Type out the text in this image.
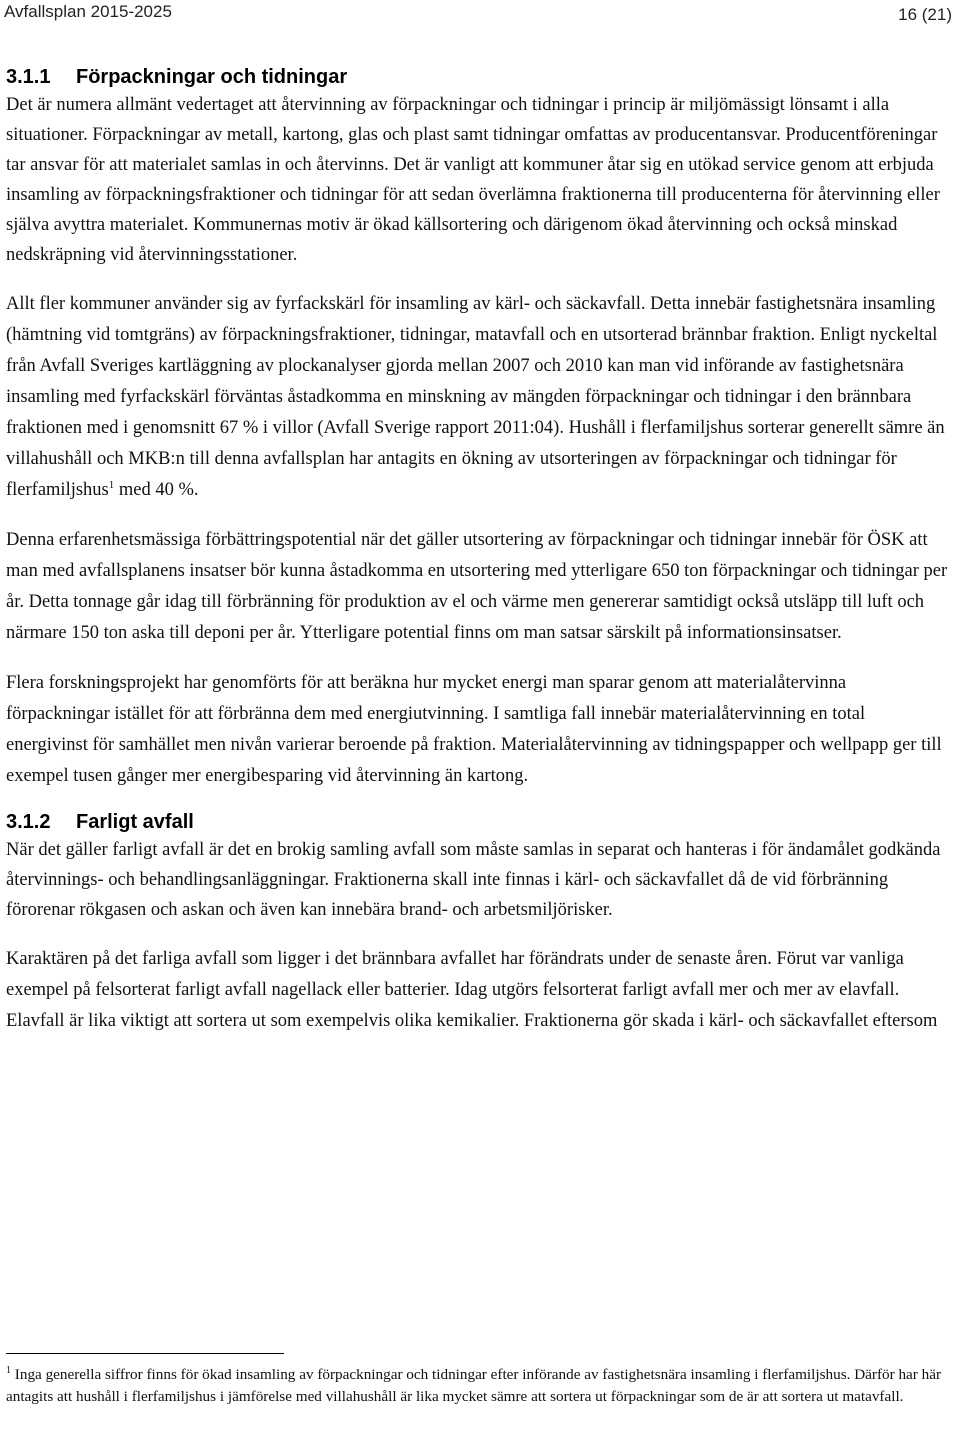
Avfallsplan 2015-2025	16 (21)
3.1.1 Förpackningar och tidningar

Det är numera allmänt vedertaget att återvinning av förpackningar och tidningar i princip är miljömässigt lönsamt i alla situationer. Förpackningar av metall, kartong, glas och plast samt tidningar omfattas av producentansvar. Producentföreningar tar ansvar för att materialet samlas in och återvinns. Det är vanligt att kommuner åtar sig en utökad service genom att erbjuda insamling av förpackningsfraktioner och tidningar för att sedan överlämna fraktionerna till producenterna för återvinning eller själva avyttra materialet. Kommunernas motiv är ökad källsortering och därigenom ökad återvinning och också minskad nedskräpning vid återvinningsstationer.

Allt fler kommuner använder sig av fyrfackskärl för insamling av kärl- och säckavfall. Detta innebär fastighetsnära insamling (hämtning vid tomtgräns) av förpackningsfraktioner, tidningar, matavfall och en utsorterad brännbar fraktion. Enligt nyckeltal från Avfall Sveriges kartläggning av plockanalyser gjorda mellan 2007 och 2010 kan man vid införande av fastighetsnära insamling med fyrfackskärl förväntas åstadkomma en minskning av mängden förpackningar och tidningar i den brännbara fraktionen med i genomsnitt 67 % i villor (Avfall Sverige rapport 2011:04). Hushåll i flerfamiljshus sorterar generellt sämre än villahushåll och MKB:n till denna avfallsplan har antagits en ökning av utsorteringen av förpackningar och tidningar för flerfamiljshus$^1$ med 40 %.

Denna erfarenhetsmässiga förbättringspotential när det gäller utsortering av förpackningar och tidningar innebär för ÖSK att man med avfallsplanens insatser bör kunna åstadkomma en utsortering med ytterligare 650 ton förpackningar och tidningar per år. Detta tonnage går idag till förbränning för produktion av el och värme men genererar samtidigt också utsläpp till luft och närmare 150 ton aska till deponi per år. Ytterligare potential finns om man satsar särskilt på informationsinsatser.

Flera forskningsprojekt har genomförts för att beräkna hur mycket energi man sparar genom att materialåtervinna förpackningar istället för att förbränna dem med energiutvinning. I samtliga fall innebär materialåtervinning en total energivinst för samhället men nivån varierar beroende på fraktion. Materialåtervinning av tidningspapper och wellpapp ger till exempel tusen gånger mer energibesparing vid återvinning än kartong.

3.1.2 Farligt avfall

När det gäller farligt avfall är det en brokig samling avfall som måste samlas in separat och hanteras i för ändamålet godkända återvinnings- och behandlingsanläggningar. Fraktionerna skall inte finnas i kärl- och säckavfallet då de vid förbränning förorenar rökgasen och askan och även kan innebära brand- och arbetsmiljörisker.

Karaktären på det farliga avfall som ligger i det brännbara avfallet har förändrats under de senaste åren. Förut var vanliga exempel på felsorterat farligt avfall nagellack eller batterier. Idag utgörs felsorterat farligt avfall mer och mer av elavfall. Elavfall är lika viktigt att sortera ut som exempelvis olika kemikalier. Fraktionerna gör skada i kärl- och säckavfallet eftersom

$^1$ Inga generella siffror finns för ökad insamling av förpackningar och tidningar efter införande av fastighetsnära insamling i flerfamiljshus. Därför har här antagits att hushåll i flerfamiljshus i jämförelse med villahushåll är lika mycket sämre att sortera ut förpackningar som de är att sortera ut matavfall.
